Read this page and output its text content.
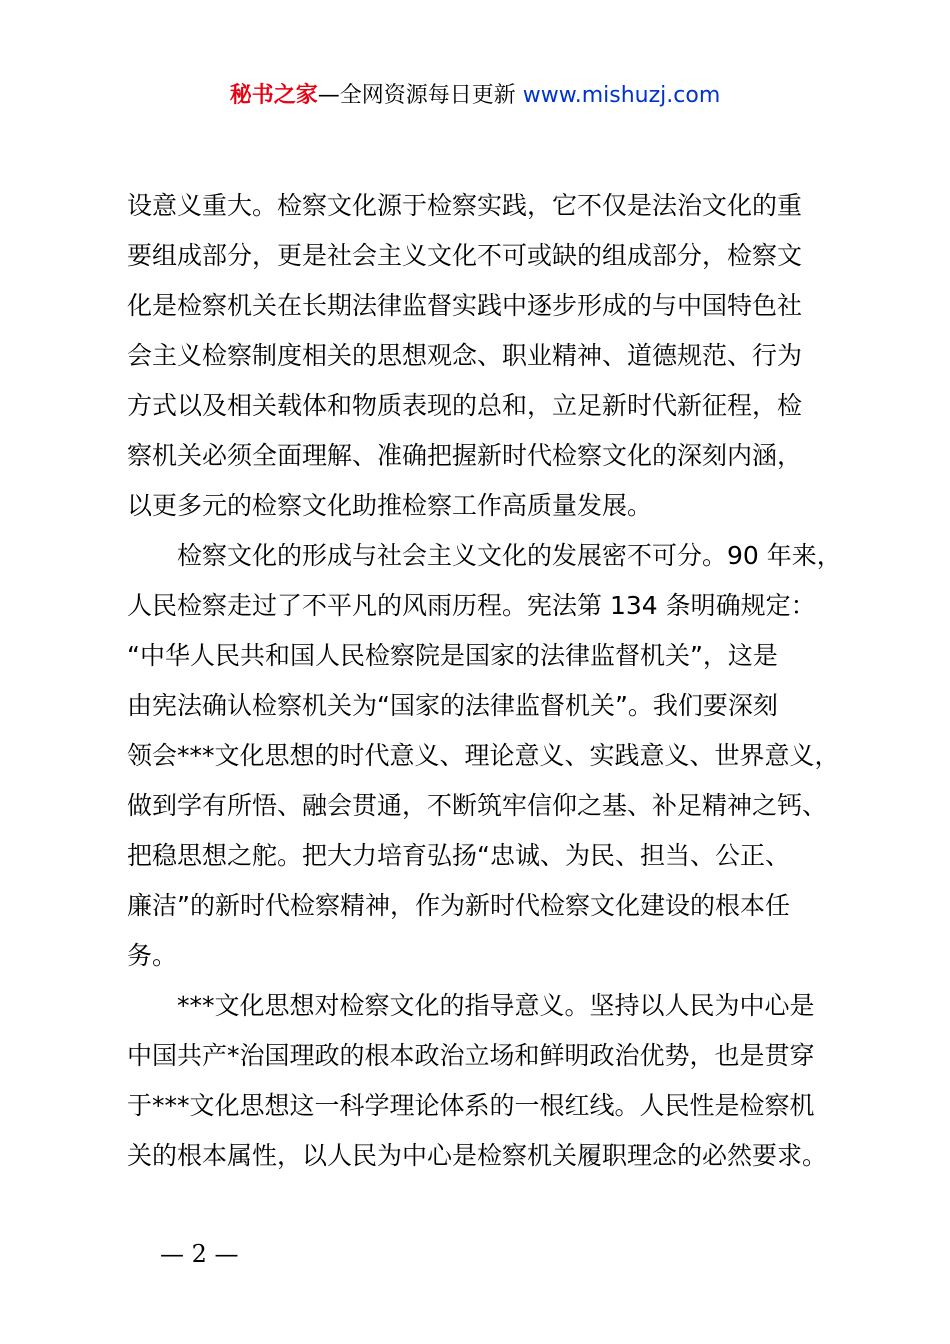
秘书之家—全网资源每日更新 www.mishuzj.com
设意义重大。检察文化源于检察实践，它不仅是法治文化的重
要组成部分，更是社会主义文化不可或缺的组成部分，检察文
化是检察机关在长期法律监督实践中逐步形成的与中国特色社
会主义检察制度相关的思想观念、职业精神、道德规范、行为
方式以及相关载体和物质表现的总和，立足新时代新征程，检
察机关必须全面理解、准确把握新时代检察文化的深刻内涵，
以更多元的检察文化助推检察工作高质量发展。
　　检察文化的形成与社会主义文化的发展密不可分。90 年来，
人民检察走过了不平凡的风雨历程。宪法第 134 条明确规定：
“中华人民共和国人民检察院是国家的法律监督机关”，这是
由宪法确认检察机关为“国家的法律监督机关”。我们要深刻
领会***文化思想的时代意义、理论意义、实践意义、世界意义，
做到学有所悟、融会贯通，不断筑牢信仰之基、补足精神之钙、
把稳思想之舵。把大力培育弘扬“忠诚、为民、担当、公正、
廉洁”的新时代检察精神，作为新时代检察文化建设的根本任
务。
　　***文化思想对检察文化的指导意义。坚持以人民为中心是
中国共产*治国理政的根本政治立场和鲜明政治优势，也是贯穿
于***文化思想这一科学理论体系的一根红线。人民性是检察机
关的根本属性，以人民为中心是检察机关履职理念的必然要求。
— 2 —
